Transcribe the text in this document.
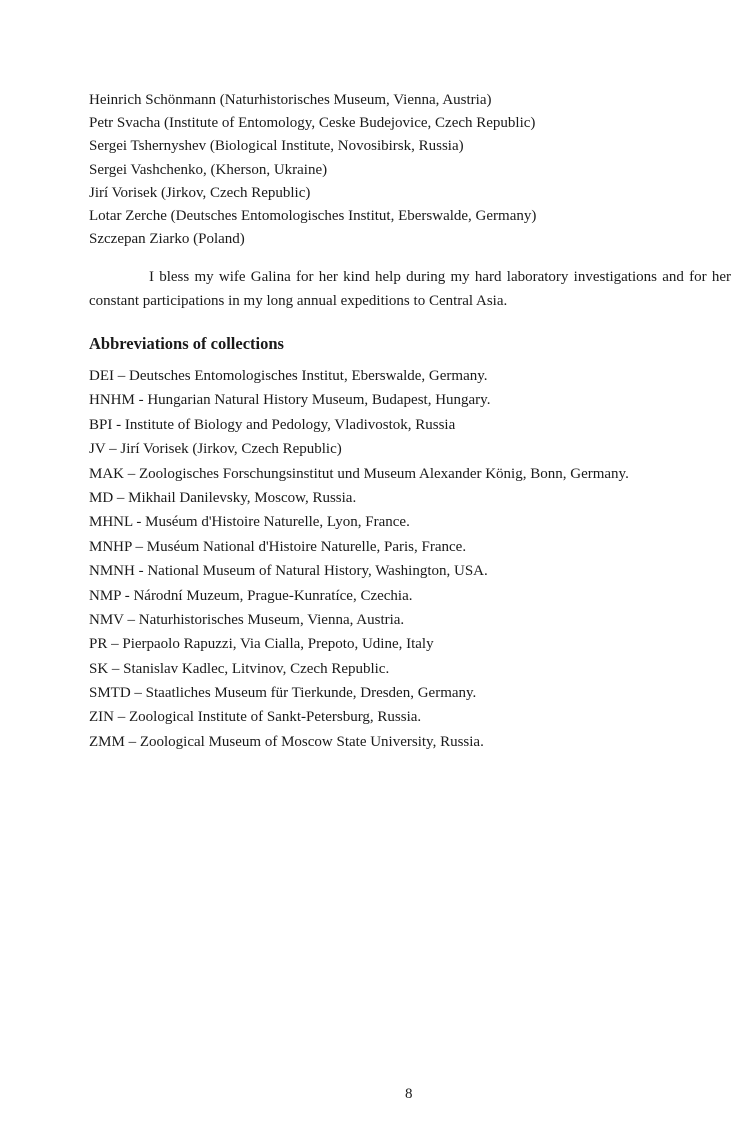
Heinrich Schönmann (Naturhistorisches Museum, Vienna, Austria)
Petr Svacha (Institute of Entomology, Ceske Budejovice, Czech Republic)
Sergei Tshernyshev (Biological Institute, Novosibirsk, Russia)
Sergei Vashchenko, (Kherson, Ukraine)
Jirí Vorisek (Jirkov, Czech Republic)
Lotar Zerche (Deutsches Entomologisches Institut, Eberswalde, Germany)
Szczepan Ziarko (Poland)

I bless my wife Galina for her kind help during my hard laboratory investigations and for her constant participations in my long annual expeditions to Central Asia.

Abbreviations of collections
DEI – Deutsches Entomologisches Institut, Eberswalde, Germany.
HNHM - Hungarian Natural History Museum, Budapest, Hungary.
BPI - Institute of Biology and Pedology, Vladivostok, Russia
JV – Jirí Vorisek (Jirkov, Czech Republic)
MAK – Zoologisches Forschungsinstitut und Museum Alexander König, Bonn, Germany.
MD – Mikhail Danilevsky, Moscow, Russia.
MHNL - Muséum d'Histoire Naturelle, Lyon, France.
MNHP – Muséum National d'Histoire Naturelle, Paris, France.
NMNH - National Museum of Natural History, Washington, USA.
NMP - Národní Muzeum, Prague-Kunratíce, Czechia.
NMV – Naturhistorisches Museum, Vienna, Austria.
PR – Pierpaolo Rapuzzi, Via Cialla, Prepoto, Udine, Italy
SK – Stanislav Kadlec, Litvinov, Czech Republic.
SMTD – Staatliches Museum für Tierkunde, Dresden, Germany.
ZIN – Zoological Institute of Sankt-Petersburg, Russia.
ZMM – Zoological Museum of Moscow State University, Russia.
8
